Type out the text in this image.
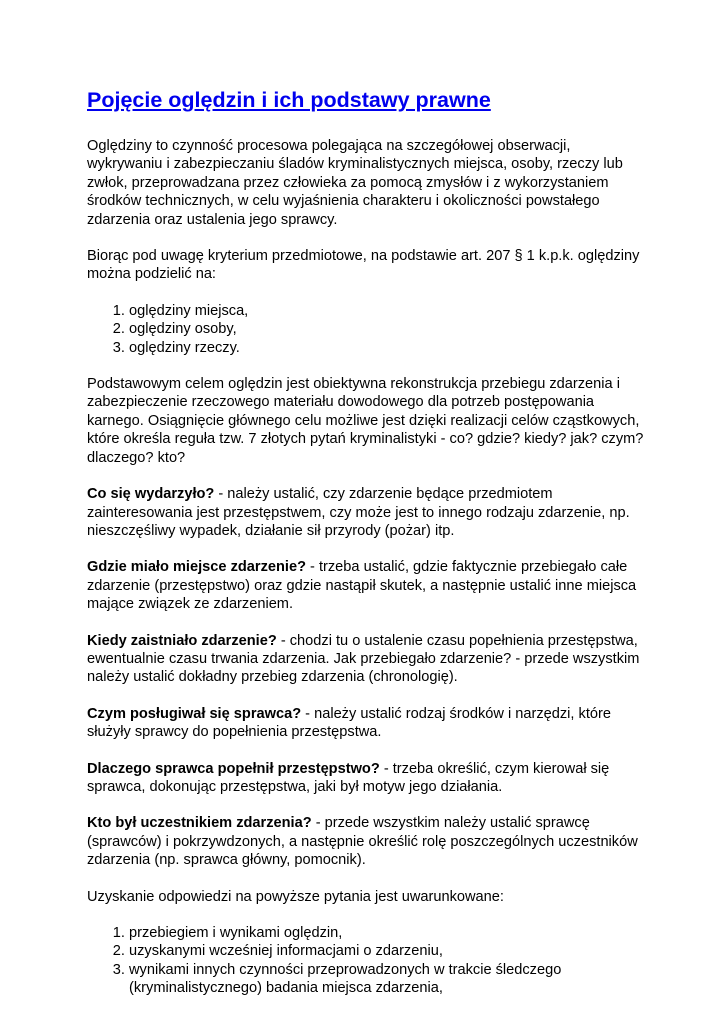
Pojęcie oględzin i ich podstawy prawne

Oględziny to czynność procesowa polegająca na szczegółowej obserwacji, wykrywaniu i zabezpieczaniu śladów kryminalistycznych miejsca, osoby, rzeczy lub zwłok, przeprowadzana przez człowieka za pomocą zmysłów i z wykorzystaniem środków technicznych, w celu wyjaśnienia charakteru i okoliczności powstałego zdarzenia oraz ustalenia jego sprawcy.

Biorąc pod uwagę kryterium przedmiotowe, na podstawie art. 207 § 1 k.p.k. oględziny można podzielić na:

1. oględziny miejsca,
2. oględziny osoby,
3. oględziny rzeczy.

Podstawowym celem oględzin jest obiektywna rekonstrukcja przebiegu zdarzenia i zabezpieczenie rzeczowego materiału dowodowego dla potrzeb postępowania karnego. Osiągnięcie głównego celu możliwe jest dzięki realizacji celów cząstkowych, które określa reguła tzw. 7 złotych pytań kryminalistyki - co? gdzie? kiedy? jak? czym? dlaczego? kto?

Co się wydarzyło? - należy ustalić, czy zdarzenie będące przedmiotem zainteresowania jest przestępstwem, czy może jest to innego rodzaju zdarzenie, np. nieszczęśliwy wypadek, działanie sił przyrody (pożar) itp.

Gdzie miało miejsce zdarzenie? - trzeba ustalić, gdzie faktycznie przebiegało całe zdarzenie (przestępstwo) oraz gdzie nastąpił skutek, a następnie ustalić inne miejsca mające związek ze zdarzeniem.

Kiedy zaistniało zdarzenie? - chodzi tu o ustalenie czasu popełnienia przestępstwa, ewentualnie czasu trwania zdarzenia. Jak przebiegało zdarzenie? - przede wszystkim należy ustalić dokładny przebieg zdarzenia (chronologię).

Czym posługiwał się sprawca? - należy ustalić rodzaj środków i narzędzi, które służyły sprawcy do popełnienia przestępstwa.

Dlaczego sprawca popełnił przestępstwo? - trzeba określić, czym kierował się sprawca, dokonując przestępstwa, jaki był motyw jego działania.

Kto był uczestnikiem zdarzenia? - przede wszystkim należy ustalić sprawcę (sprawców) i pokrzywdzonych, a następnie określić rolę poszczególnych uczestników zdarzenia (np. sprawca główny, pomocnik).

Uzyskanie odpowiedzi na powyższe pytania jest uwarunkowane:

1. przebiegiem i wynikami oględzin,
2. uzyskanymi wcześniej informacjami o zdarzeniu,
3. wynikami innych czynności przeprowadzonych w trakcie śledczego (kryminalistycznego) badania miejsca zdarzenia,
